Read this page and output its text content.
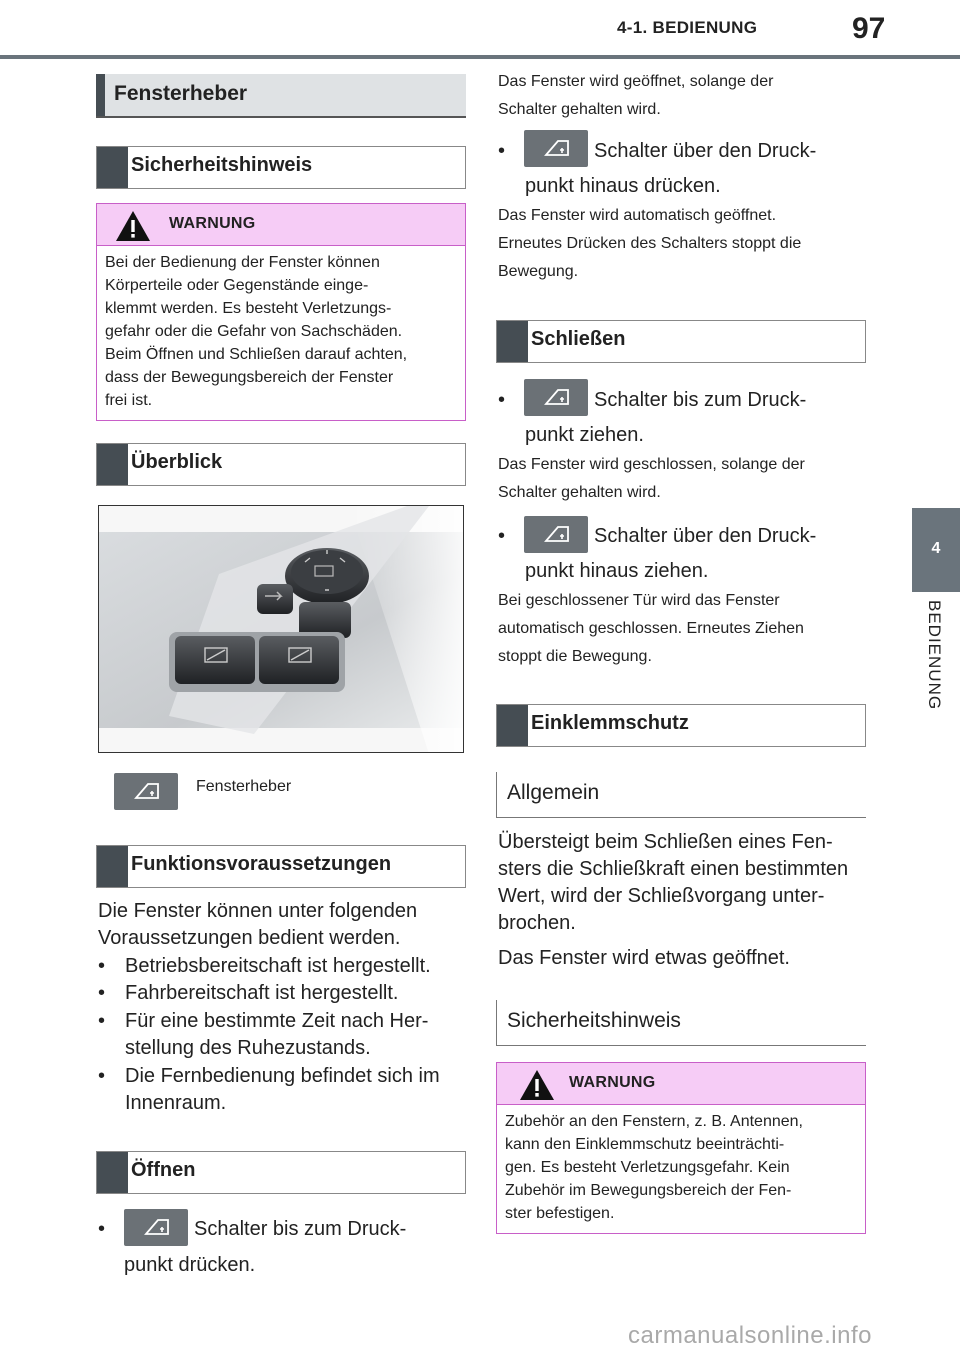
4-1. BEDIENUNG	97
4
BEDIENUNG
Fensterheber
Sicherheitshinweis
WARNUNG
Bei der Bedienung der Fenster können
Körperteile oder Gegenstände einge-
klemmt werden. Es besteht Verletzungs-
gefahr oder die Gefahr von Sachschäden.
Beim Öffnen und Schließen darauf achten,
dass der Bewegungsbereich der Fenster
frei ist.
Überblick
Fensterheber
Funktionsvoraussetzungen
Die Fenster können unter folgenden
Voraussetzungen bedient werden.
• Betriebsbereitschaft ist hergestellt.
• Fahrbereitschaft ist hergestellt.
• Für eine bestimmte Zeit nach Her-
stellung des Ruhezustands.
• Die Fernbedienung befindet sich im
Innenraum.
Öffnen
•	Schalter bis zum Druck-
punkt drücken.
Das Fenster wird geöffnet, solange der
Schalter gehalten wird.
•	Schalter über den Druck-
punkt hinaus drücken.
Das Fenster wird automatisch geöffnet.
Erneutes Drücken des Schalters stoppt die
Bewegung.
Schließen
•	Schalter bis zum Druck-
punkt ziehen.
Das Fenster wird geschlossen, solange der
Schalter gehalten wird.
•	Schalter über den Druck-
punkt hinaus ziehen.
Bei geschlossener Tür wird das Fenster
automatisch geschlossen. Erneutes Ziehen
stoppt die Bewegung.
Einklemmschutz
Allgemein
Übersteigt beim Schließen eines Fen-
sters die Schließkraft einen bestimmten
Wert, wird der Schließvorgang unter-
brochen.
Das Fenster wird etwas geöffnet.
Sicherheitshinweis
WARNUNG
Zubehör an den Fenstern, z. B. Antennen,
kann den Einklemmschutz beeinträchti-
gen. Es besteht Verletzungsgefahr. Kein
Zubehör im Bewegungsbereich der Fen-
ster befestigen.
carmanualsonline.info
